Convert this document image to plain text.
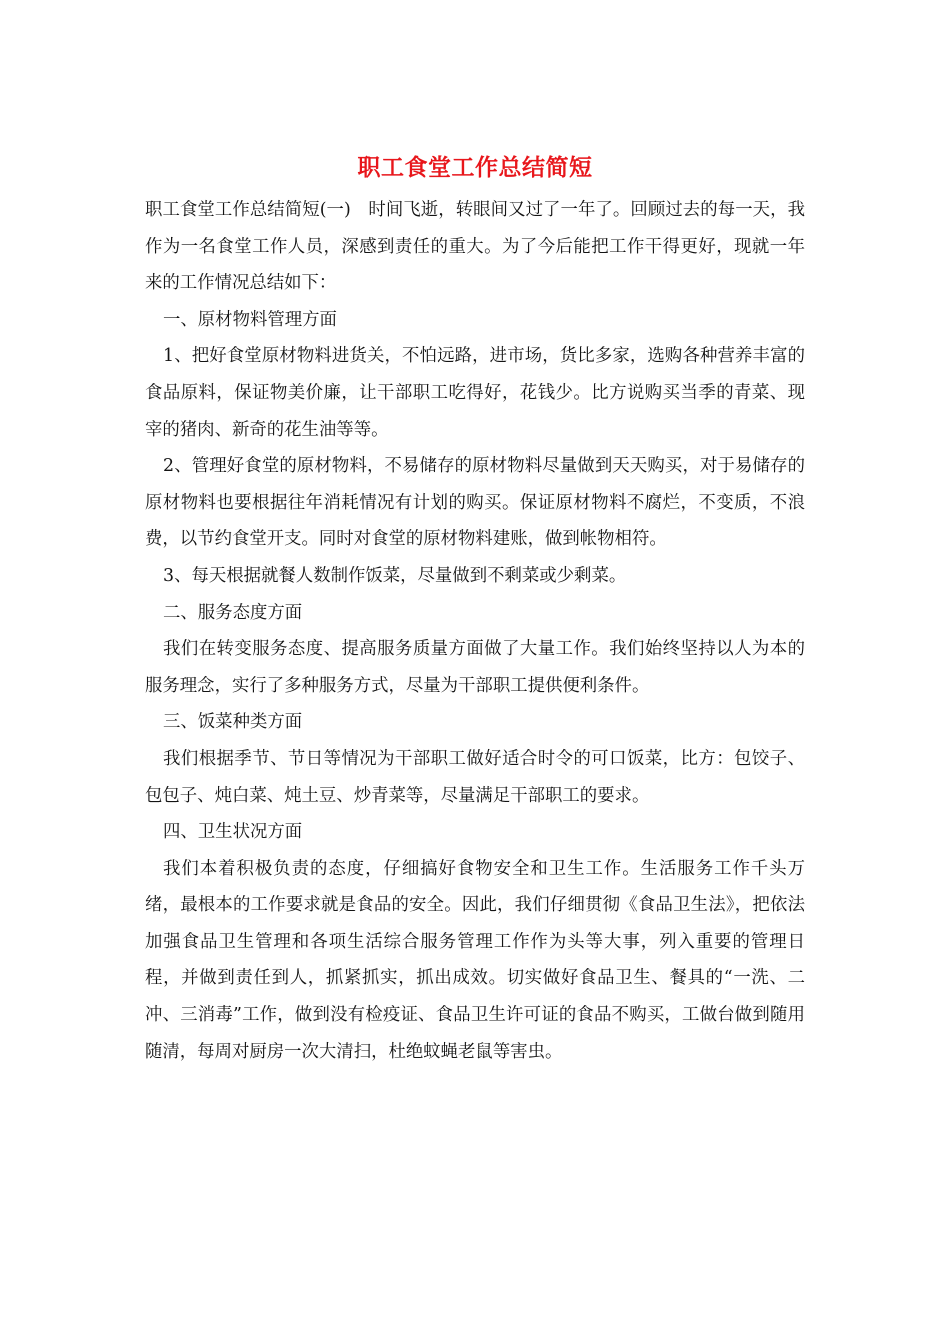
职工食堂工作总结简短

职工食堂工作总结简短(一)　时间飞逝，转眼间又过了一年了。回顾过去的每一天，我作为一名食堂工作人员，深感到责任的重大。为了今后能把工作干得更好，现就一年来的工作情况总结如下：

一、原材物料管理方面

1、把好食堂原材物料进货关，不怕远路，进市场，货比多家，选购各种营养丰富的食品原料，保证物美价廉，让干部职工吃得好，花钱少。比方说购买当季的青菜、现宰的猪肉、新奇的花生油等等。

2、管理好食堂的原材物料，不易储存的原材物料尽量做到天天购买，对于易储存的原材物料也要根据往年消耗情况有计划的购买。保证原材物料不腐烂，不变质，不浪费，以节约食堂开支。同时对食堂的原材物料建账，做到帐物相符。

3、每天根据就餐人数制作饭菜，尽量做到不剩菜或少剩菜。

二、服务态度方面

我们在转变服务态度、提高服务质量方面做了大量工作。我们始终坚持以人为本的服务理念，实行了多种服务方式，尽量为干部职工提供便利条件。

三、饭菜种类方面

我们根据季节、节日等情况为干部职工做好适合时令的可口饭菜，比方：包饺子、包包子、炖白菜、炖土豆、炒青菜等，尽量满足干部职工的要求。

四、卫生状况方面

我们本着积极负责的态度，仔细搞好食物安全和卫生工作。生活服务工作千头万绪，最根本的工作要求就是食品的安全。因此，我们仔细贯彻《食品卫生法》，把依法加强食品卫生管理和各项生活综合服务管理工作作为头等大事，列入重要的管理日程，并做到责任到人，抓紧抓实，抓出成效。切实做好食品卫生、餐具的“一洗、二冲、三消毒”工作，做到没有检疫证、食品卫生许可证的食品不购买，工做台做到随用随清，每周对厨房一次大清扫，杜绝蚊蝇老鼠等害虫。
